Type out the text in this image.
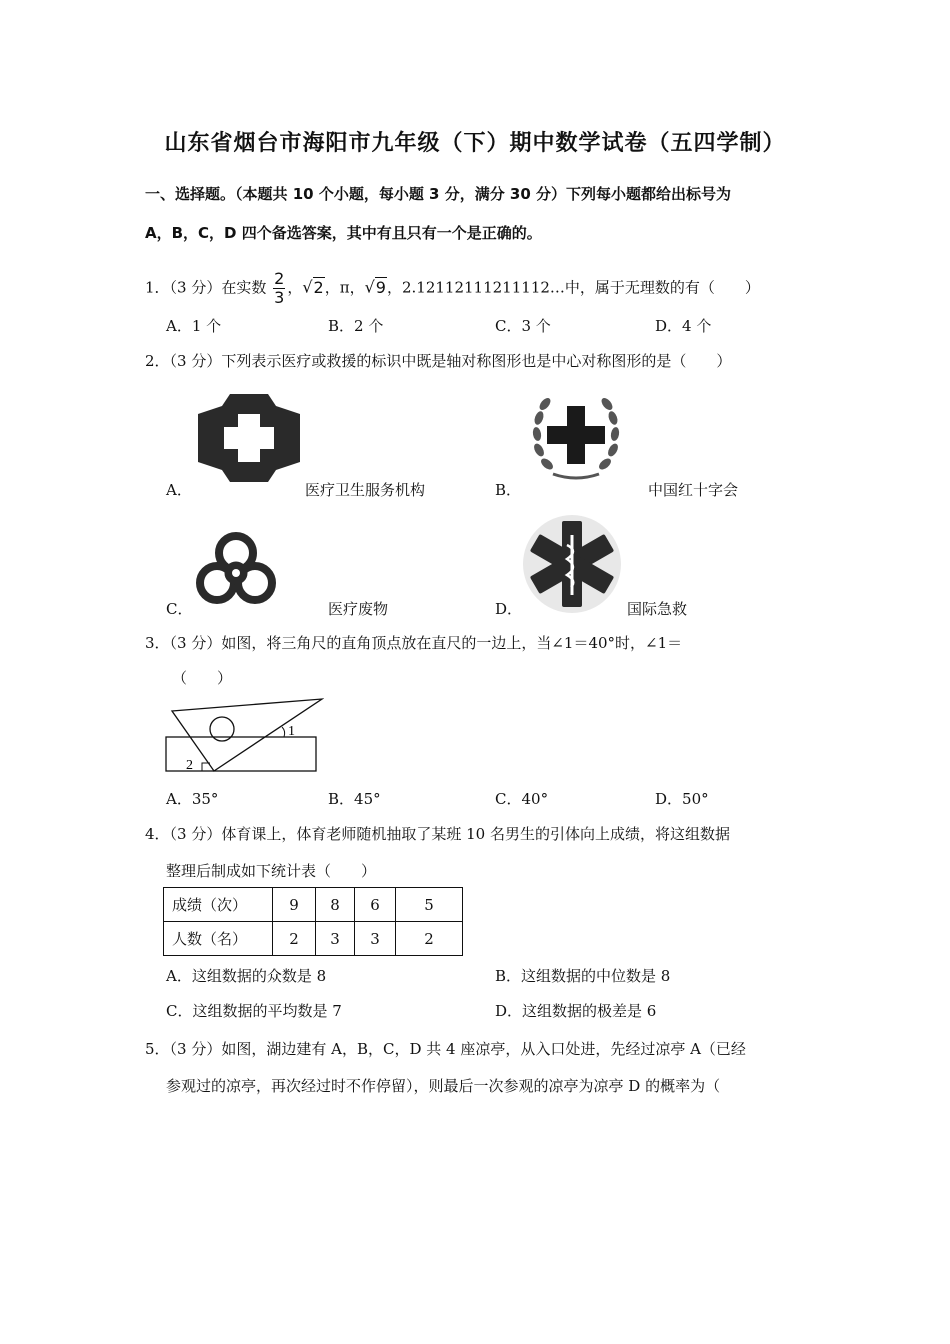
山东省烟台市海阳市九年级（下）期中数学试卷（五四学制）
一、选择题。（本题共 10 个小题，每小题 3 分，满分 30 分）下列每小题都给出标号为
A，B，C，D 四个备选答案，其中有且只有一个是正确的。
1．（3 分）在实数 $\frac{2}{3}$ ，√2，π，√9，2.12112111211112…中，属于无理数的有（　　）
A．1 个	B．2 个	C．3 个	D．4 个
2．（3 分）下列表示医疗或救援的标识中既是轴对称图形也是中心对称图形的是（　　）
A．	医疗卫生服务机构	B．	中国红十字会
C．	医疗废物	D．	国际急救
3．（3 分）如图，将三角尺的直角顶点放在直尺的一边上，当∠1＝40°时，∠1＝
（　　）
1
2
A．35°	B．45°	C．40°	D．50°
4．（3 分）体育课上，体育老师随机抽取了某班 10 名男生的引体向上成绩，将这组数据
整理后制成如下统计表（　　）
成绩（次）	9	8	6	5
人数（名）	2	3	3	2
A．这组数据的众数是 8	B．这组数据的中位数是 8
C．这组数据的平均数是 7	D．这组数据的极差是 6
5．（3 分）如图，湖边建有 A，B，C，D 共 4 座凉亭，从入口处进，先经过凉亭 A（已经
参观过的凉亭，再次经过时不作停留），则最后一次参观的凉亭为凉亭 D 的概率为（
